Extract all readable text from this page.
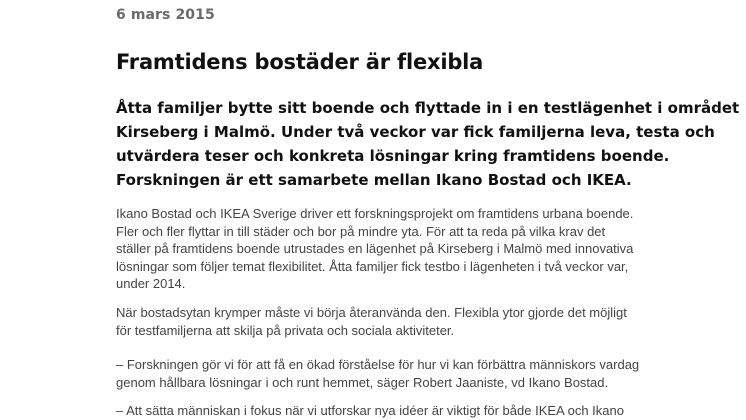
6 mars 2015
Framtidens bostäder är flexibla
Åtta familjer bytte sitt boende och flyttade in i en testlägenhet i området
Kirseberg i Malmö. Under två veckor var fick familjerna leva, testa och
utvärdera teser och konkreta lösningar kring framtidens boende.
Forskningen är ett samarbete mellan Ikano Bostad och IKEA.
Ikano Bostad och IKEA Sverige driver ett forskningsprojekt om framtidens urbana boende.
Fler och fler flyttar in till städer och bor på mindre yta. För att ta reda på vilka krav det
ställer på framtidens boende utrustades en lägenhet på Kirseberg i Malmö med innovativa
lösningar som följer temat flexibilitet. Åtta familjer fick testbo i lägenheten i två veckor var,
under 2014.
När bostadsytan krymper måste vi börja återanvända den. Flexibla ytor gjorde det möjligt
för testfamiljerna att skilja på privata och sociala aktiviteter.
– Forskningen gör vi för att få en ökad förståelse för hur vi kan förbättra människors vardag
genom hållbara lösningar i och runt hemmet, säger Robert Jaaniste, vd Ikano Bostad.
– Att sätta människan i fokus när vi utforskar nya idéer är viktigt för både IKEA och Ikano
